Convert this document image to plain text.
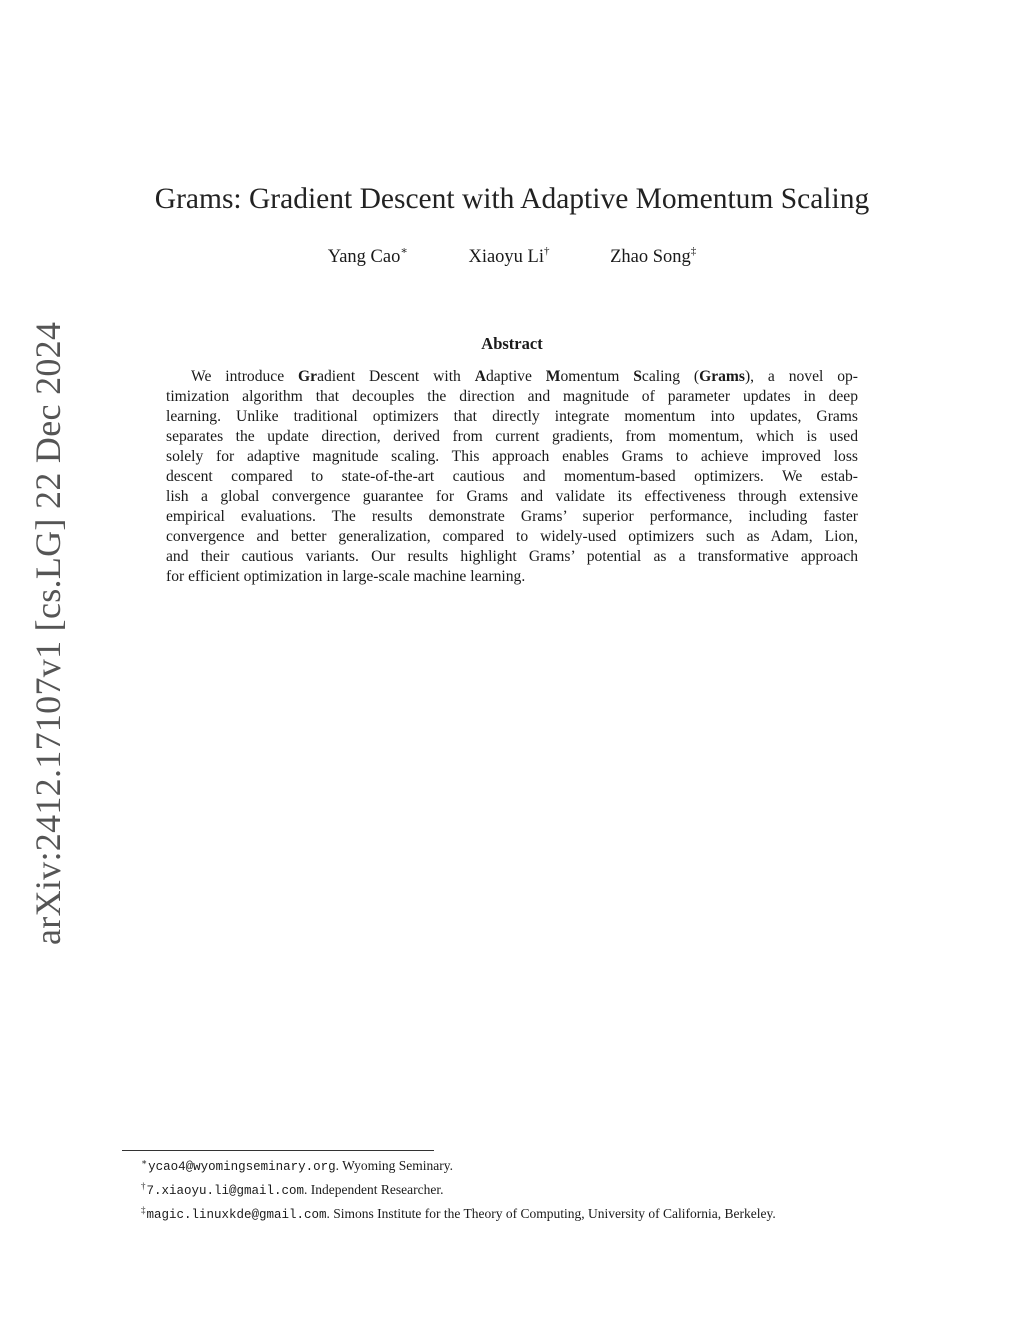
arXiv:2412.17107v1 [cs.LG] 22 Dec 2024
Grams: Gradient Descent with Adaptive Momentum Scaling
Yang Cao∗	Xiaoyu Li†	Zhao Song‡
Abstract
We introduce Gradient Descent with Adaptive Momentum Scaling (Grams), a novel op-
timization algorithm that decouples the direction and magnitude of parameter updates in deep
learning. Unlike traditional optimizers that directly integrate momentum into updates, Grams
separates the update direction, derived from current gradients, from momentum, which is used
solely for adaptive magnitude scaling. This approach enables Grams to achieve improved loss
descent compared to state-of-the-art cautious and momentum-based optimizers. We estab-
lish a global convergence guarantee for Grams and validate its effectiveness through extensive
empirical evaluations. The results demonstrate Grams’ superior performance, including faster
convergence and better generalization, compared to widely-used optimizers such as Adam, Lion,
and their cautious variants. Our results highlight Grams’ potential as a transformative approach
for efficient optimization in large-scale machine learning.
∗ycao4@wyomingseminary.org. Wyoming Seminary.
†7.xiaoyu.li@gmail.com. Independent Researcher.
‡magic.linuxkde@gmail.com. Simons Institute for the Theory of Computing, University of California, Berkeley.
